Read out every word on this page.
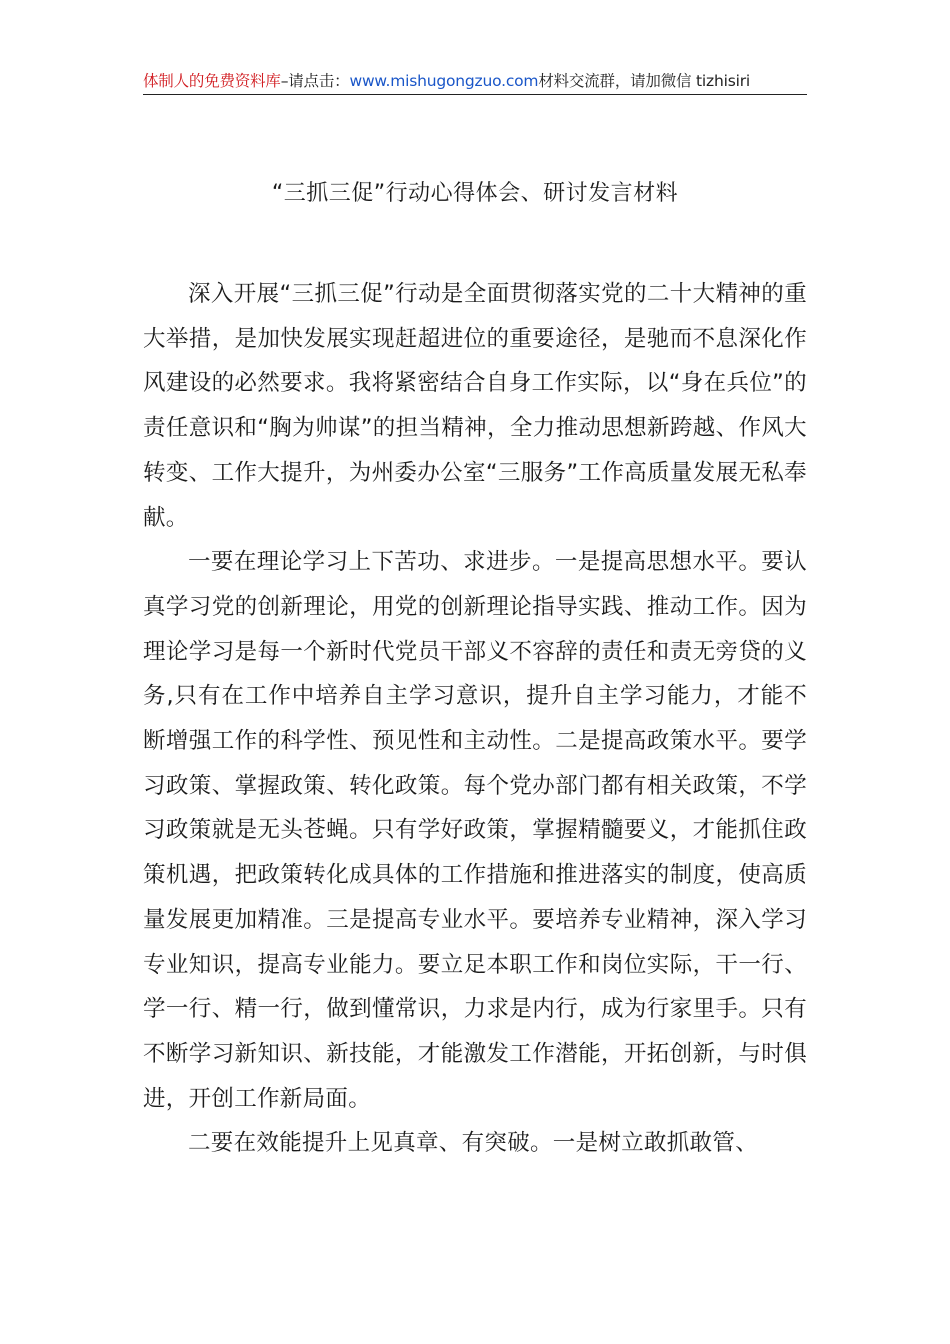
体制人的免费资料库–请点击：www.mishugongzuo.com材料交流群，请加微信 tizhisiri
“三抓三促”行动心得体会、研讨发言材料

深入开展“三抓三促”行动是全面贯彻落实党的二十大精神的重大举措，是加快发展实现赶超进位的重要途径，是驰而不息深化作风建设的必然要求。我将紧密结合自身工作实际，以“身在兵位”的责任意识和“胸为帅谋”的担当精神，全力推动思想新跨越、作风大转变、工作大提升，为州委办公室“三服务”工作高质量发展无私奉献。

一要在理论学习上下苦功、求进步。一是提高思想水平。要认真学习党的创新理论，用党的创新理论指导实践、推动工作。因为理论学习是每一个新时代党员干部义不容辞的责任和责无旁贷的义务,只有在工作中培养自主学习意识，提升自主学习能力，才能不断增强工作的科学性、预见性和主动性。二是提高政策水平。要学习政策、掌握政策、转化政策。每个党办部门都有相关政策，不学习政策就是无头苍蝇。只有学好政策，掌握精髓要义，才能抓住政策机遇，把政策转化成具体的工作措施和推进落实的制度，使高质量发展更加精准。三是提高专业水平。要培养专业精神，深入学习专业知识，提高专业能力。要立足本职工作和岗位实际，干一行、学一行、精一行，做到懂常识，力求是内行，成为行家里手。只有不断学习新知识、新技能，才能激发工作潜能，开拓创新，与时俱进，开创工作新局面。

二要在效能提升上见真章、有突破。一是树立敢抓敢管、
